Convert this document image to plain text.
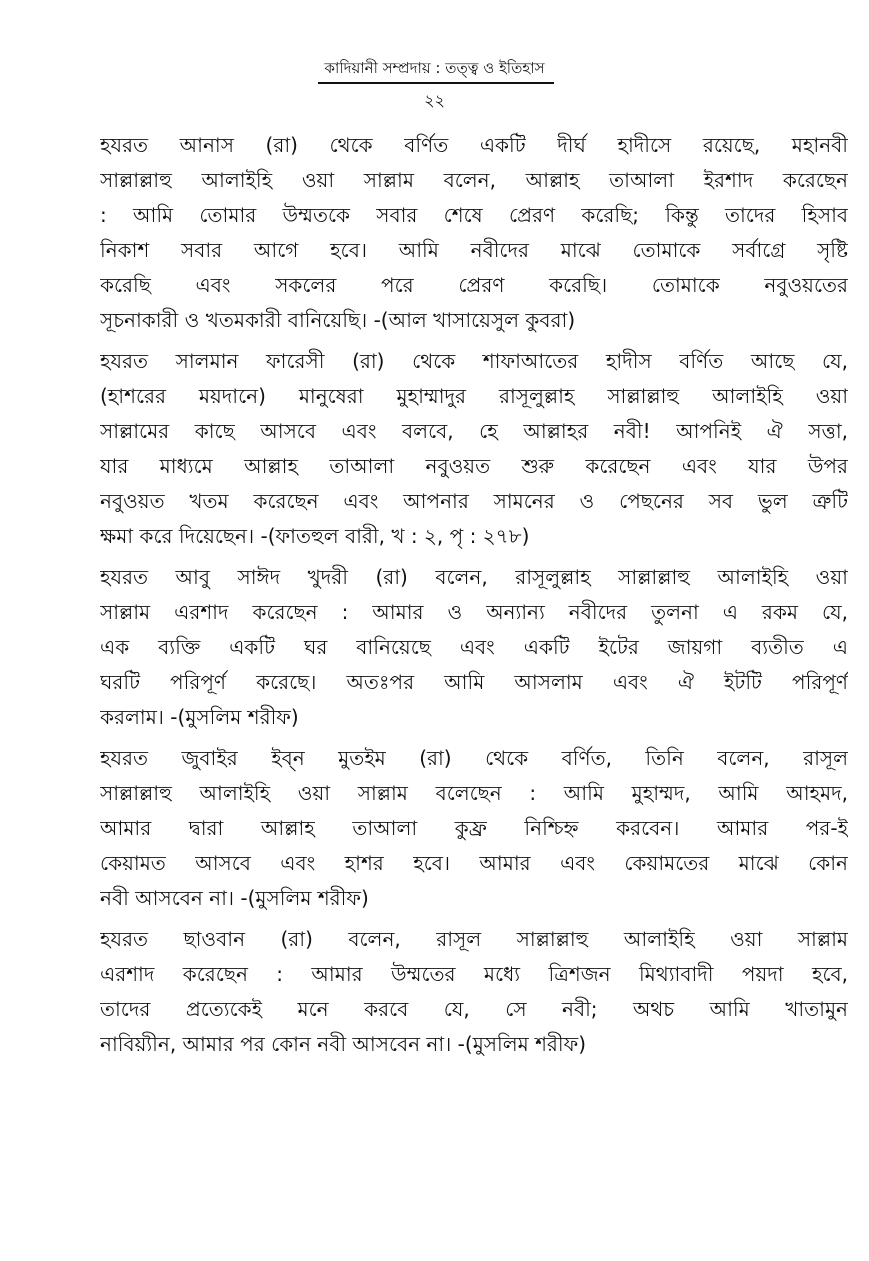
কাদিয়ানী সম্প্রদায় : তত্ত্ব ও ইতিহাস
২২
হযরত আনাস (রা) থেকে বর্ণিত একটি দীর্ঘ হাদীসে রয়েছে, মহানবী
সাল্লাল্লাহু আলাইহি ওয়া সাল্লাম বলেন, আল্লাহ তাআলা ইরশাদ করেছেন
: আমি তোমার উম্মতকে সবার শেষে প্রেরণ করেছি; কিন্তু তাদের হিসাব
নিকাশ সবার আগে হবে। আমি নবীদের মাঝে তোমাকে সর্বাগ্রে সৃষ্টি
করেছি এবং সকলের পরে প্রেরণ করেছি। তোমাকে নবুওয়তের
সূচনাকারী ও খতমকারী বানিয়েছি। -(আল খাসায়েসুল কুবরা)
হযরত সালমান ফারেসী (রা) থেকে শাফাআতের হাদীস বর্ণিত আছে যে,
(হাশরের ময়দানে) মানুষেরা মুহাম্মাদুর রাসূলুল্লাহ সাল্লাল্লাহু আলাইহি ওয়া
সাল্লামের কাছে আসবে এবং বলবে, হে আল্লাহর নবী! আপনিই ঐ সত্তা,
যার মাধ্যমে আল্লাহ তাআলা নবুওয়ত শুরু করেছেন এবং যার উপর
নবুওয়ত খতম করেছেন এবং আপনার সামনের ও পেছনের সব ভুল ত্রুটি
ক্ষমা করে দিয়েছেন। -(ফাতহুল বারী, খ : ২, পৃ : ২৭৮)
হযরত আবু সাঈদ খুদরী (রা) বলেন, রাসূলুল্লাহ সাল্লাল্লাহু আলাইহি ওয়া
সাল্লাম এরশাদ করেছেন : আমার ও অন্যান্য নবীদের তুলনা এ রকম যে,
এক ব্যক্তি একটি ঘর বানিয়েছে এবং একটি ইটের জায়গা ব্যতীত এ
ঘরটি পরিপূর্ণ করেছে। অতঃপর আমি আসলাম এবং ঐ ইটটি পরিপূর্ণ
করলাম। -(মুসলিম শরীফ)
হযরত জুবাইর ইব্ন মুতইম (রা) থেকে বর্ণিত, তিনি বলেন, রাসূল
সাল্লাল্লাহু আলাইহি ওয়া সাল্লাম বলেছেন : আমি মুহাম্মদ, আমি আহমদ,
আমার দ্বারা আল্লাহ তাআলা কুফ্র নিশ্চিহ্ন করবেন। আমার পর-ই
কেয়ামত আসবে এবং হাশর হবে। আমার এবং কেয়ামতের মাঝে কোন
নবী আসবেন না। -(মুসলিম শরীফ)
হযরত ছাওবান (রা) বলেন, রাসূল সাল্লাল্লাহু আলাইহি ওয়া সাল্লাম
এরশাদ করেছেন : আমার উম্মতের মধ্যে ত্রিশজন মিথ্যাবাদী পয়দা হবে,
তাদের প্রত্যেকেই মনে করবে যে, সে নবী; অথচ আমি খাতামুন
নাবিয়্যীন, আমার পর কোন নবী আসবেন না। -(মুসলিম শরীফ)
